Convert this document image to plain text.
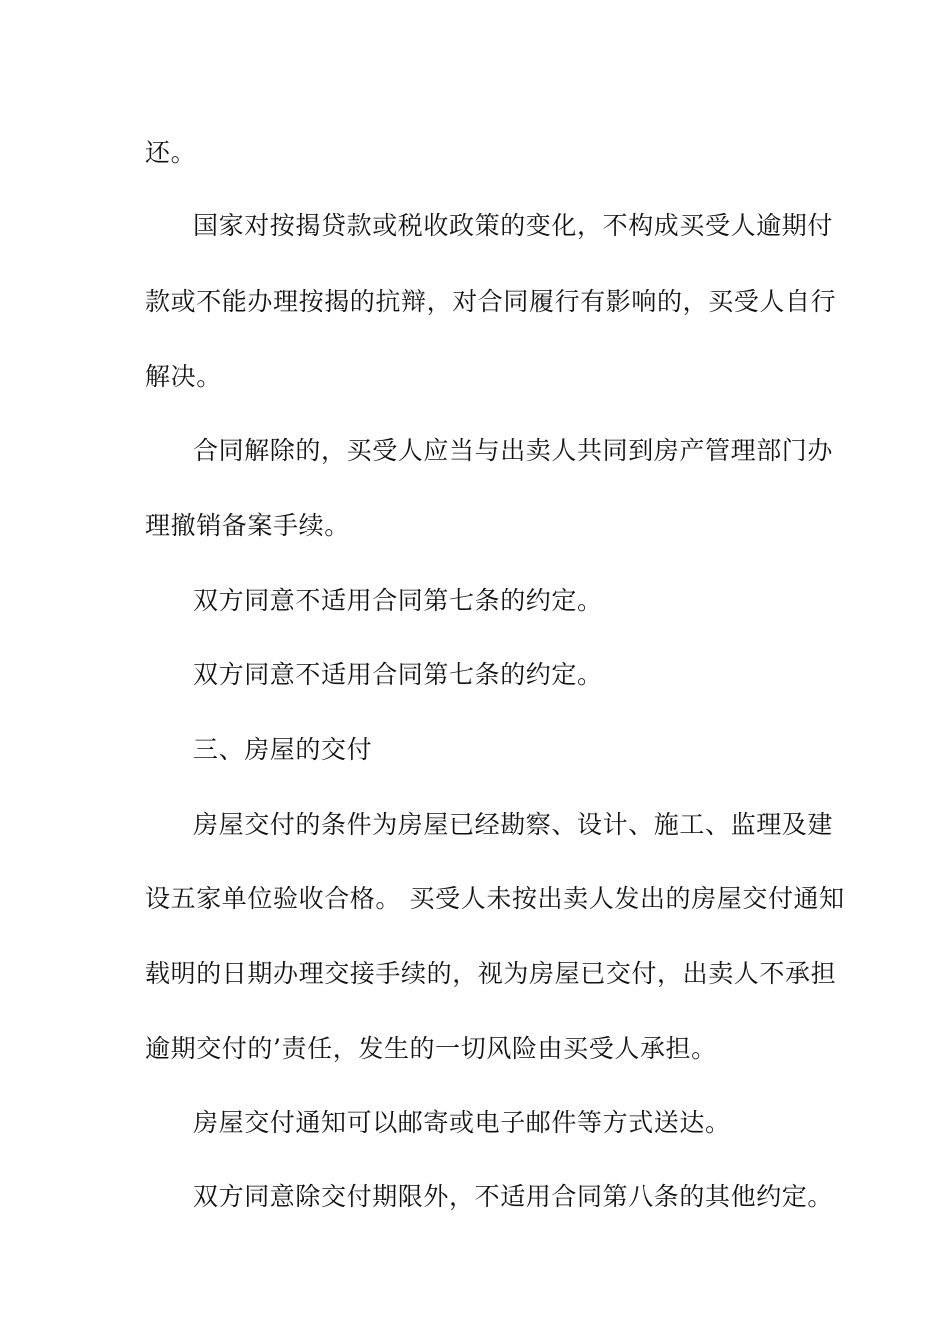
还。
国家对按揭贷款或税收政策的变化，不构成买受人逾期付
款或不能办理按揭的抗辩，对合同履行有影响的，买受人自行
解决。
合同解除的，买受人应当与出卖人共同到房产管理部门办
理撤销备案手续。
双方同意不适用合同第七条的约定。
双方同意不适用合同第七条的约定。
三、房屋的交付
房屋交付的条件为房屋已经勘察、设计、施工、监理及建
设五家单位验收合格。 买受人未按出卖人发出的房屋交付通知
载明的日期办理交接手续的，视为房屋已交付，出卖人不承担
逾期交付的’责任，发生的一切风险由买受人承担。
房屋交付通知可以邮寄或电子邮件等方式送达。
双方同意除交付期限外，不适用合同第八条的其他约定。
